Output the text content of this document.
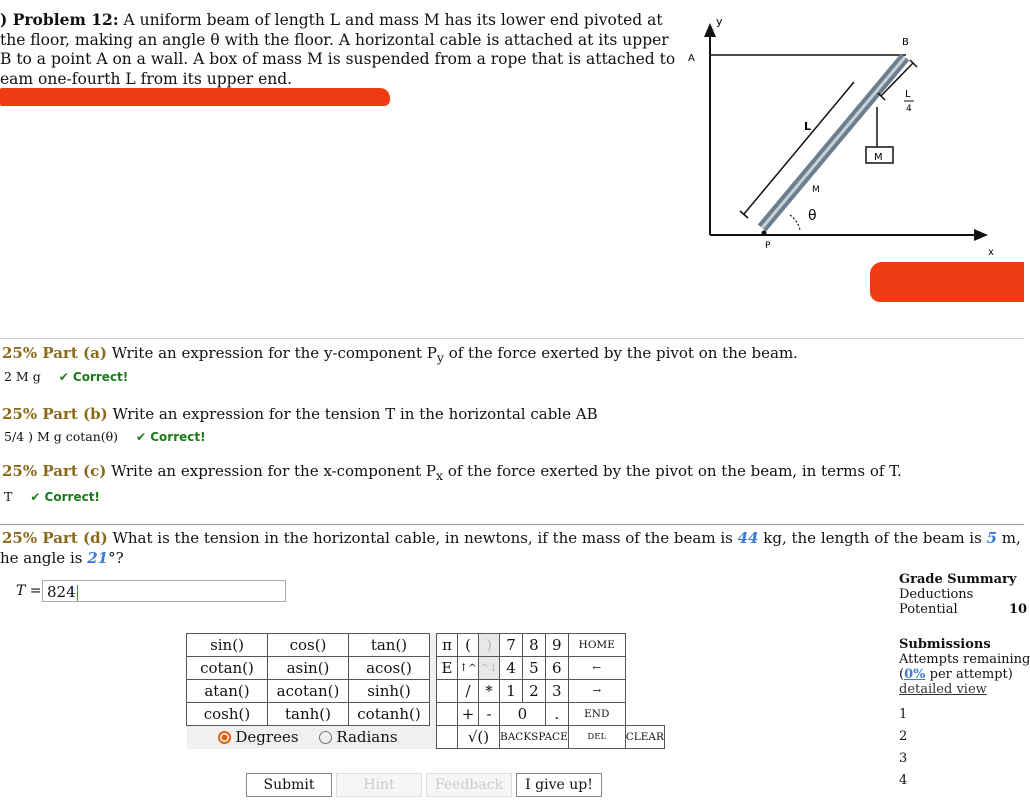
) Problem 12: A uniform beam of length L and mass M has its lower end pivoted at
the floor, making an angle θ with the floor. A horizontal cable is attached at its upper
B to a point A on a wall. A box of mass M is suspended from a rope that is attached to
eam one-fourth L from its upper end.
y
A
B
x
P
M
M
L
θ
L
4
25% Part (a) Write an expression for the y-component $P_y$ of the force exerted by the pivot on the beam.
2 M g ✔ Correct!
25% Part (b) Write an expression for the tension T in the horizontal cable AB
5/4 ) M g cotan(θ) ✔ Correct!
25% Part (c) Write an expression for the x-component $P_x$ of the force exerted by the pivot on the beam, in terms of T.
T ✔ Correct!
25% Part (d) What is the tension in the horizontal cable, in newtons, if the mass of the beam is 44 kg, the length of the beam is 5 m,
he angle is 21°?
T = 824
sin()	cos()	tan()		π	(	)	7	8	9	HOME	
cotan()	asin()	acos()		E	↑^	^↓	4	5	6	←	
atan()	acotan()	sinh()			/	*	1	2	3	→	
cosh()	tanh()	cotanh()			+	-	0		.	END	
Degrees Radians					√()		BACKSPACE			DEL	CLEAR
Submit	Hint	Feedback	I give up!
Grade Summary
Deductions
Potential	10
Submissions
Attempts remaining
(0% per attempt)
detailed view
1
2
3
4
